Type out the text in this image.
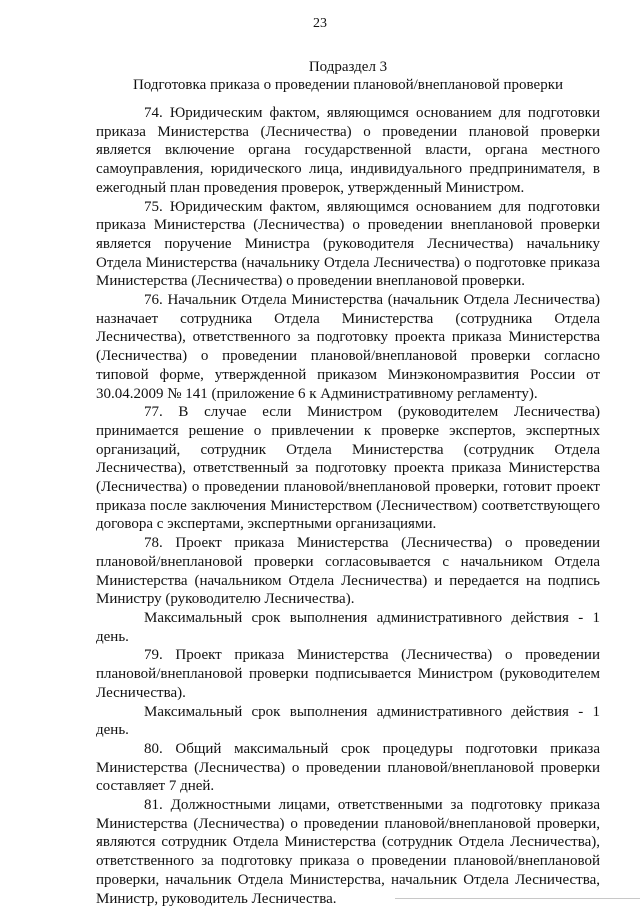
23
Подраздел 3
Подготовка приказа о проведении плановой/внеплановой проверки

74. Юридическим фактом, являющимся основанием для подготовки приказа Министерства (Лесничества) о проведении плановой проверки является включение органа государственной власти, органа местного самоуправления, юридического лица, индивидуального предпринимателя, в ежегодный план проведения проверок, утвержденный Министром.

75. Юридическим фактом, являющимся основанием для подготовки приказа Министерства (Лесничества) о проведении внеплановой проверки является поручение Министра (руководителя Лесничества) начальнику Отдела Министерства (начальнику Отдела Лесничества) о подготовке приказа Министерства (Лесничества) о проведении внеплановой проверки.

76. Начальник Отдела Министерства (начальник Отдела Лесничества) назначает сотрудника Отдела Министерства (сотрудника Отдела Лесничества), ответственного за подготовку проекта приказа Министерства (Лесничества) о проведении плановой/внеплановой проверки согласно типовой форме, утвержденной приказом Минэкономразвития России от 30.04.2009 № 141 (приложение 6 к Административному регламенту).

77. В случае если Министром (руководителем Лесничества) принимается решение о привлечении к проверке экспертов, экспертных организаций, сотрудник Отдела Министерства (сотрудник Отдела Лесничества), ответственный за подготовку проекта приказа Министерства (Лесничества) о проведении плановой/внеплановой проверки, готовит проект приказа после заключения Министерством (Лесничеством) соответствующего договора с экспертами, экспертными организациями.

78. Проект приказа Министерства (Лесничества) о проведении плановой/внеплановой проверки согласовывается с начальником Отдела Министерства (начальником Отдела Лесничества) и передается на подпись Министру (руководителю Лесничества).

Максимальный срок выполнения административного действия - 1 день.

79. Проект приказа Министерства (Лесничества) о проведении плановой/внеплановой проверки подписывается Министром (руководителем Лесничества).

Максимальный срок выполнения административного действия - 1 день.

80. Общий максимальный срок процедуры подготовки приказа Министерства (Лесничества) о проведении плановой/внеплановой проверки составляет 7 дней.

81. Должностными лицами, ответственными за подготовку приказа Министерства (Лесничества) о проведении плановой/внеплановой проверки, являются сотрудник Отдела Министерства (сотрудник Отдела Лесничества), ответственного за подготовку приказа о проведении плановой/внеплановой проверки, начальник Отдела Министерства, начальник Отдела Лесничества, Министр, руководитель Лесничества.
